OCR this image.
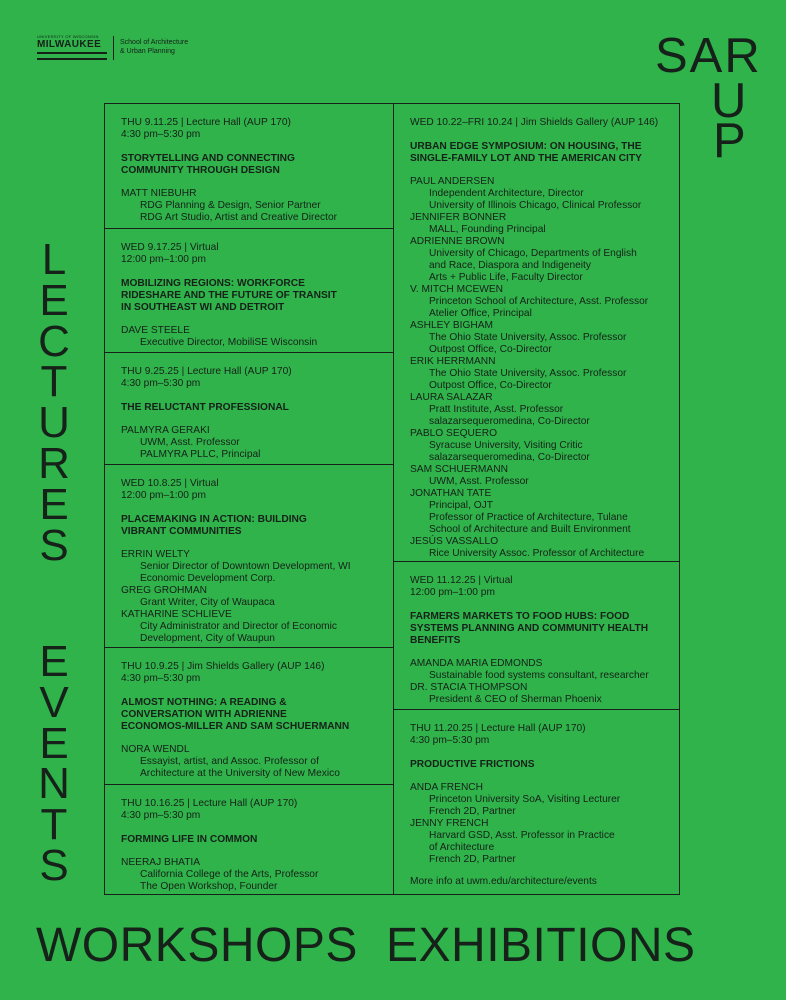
UNIVERSITY OF WISCONSIN
MILWAUKEE	School of Architecture
& Urban Planning	SAR
U
P
L
E
C
T
U
R
E
S
E
V
E
N
T
S
THU 10.16.25 | Lecture Hall (AUP 170)
4:30 pm–5:30 pm
FORMING LIFE IN COMMON
NEERAJ BHATIA
California College of the Arts, Professor
The Open Workshop, Founder
THU 10.9.25 | Jim Shields Gallery (AUP 146)
4:30 pm–5:30 pm
ALMOST NOTHING: A READING &
CONVERSATION WITH ADRIENNE
ECONOMOS-MILLER AND SAM SCHUERMANN
NORA WENDL
Essayist, artist, and Assoc. Professor of
Architecture at the University of New Mexico
WED 10.8.25 | Virtual
12:00 pm–1:00 pm
PLACEMAKING IN ACTION: BUILDING
VIBRANT COMMUNITIES
ERRIN WELTY
Senior Director of Downtown Development, WI
Economic Development Corp.
GREG GROHMAN
Grant Writer, City of Waupaca
KATHARINE SCHLIEVE
City Administrator and Director of Economic
Development, City of Waupun
THU 9.25.25 | Lecture Hall (AUP 170)
4:30 pm–5:30 pm
THE RELUCTANT PROFESSIONAL
PALMYRA GERAKI
UWM, Asst. Professor
PALMYRA PLLC, Principal
WED 9.17.25 | Virtual
12:00 pm–1:00 pm
MOBILIZING REGIONS: WORKFORCE
RIDESHARE AND THE FUTURE OF TRANSIT
IN SOUTHEAST WI AND DETROIT
DAVE STEELE
Executive Director, MobiliSE Wisconsin
THU 9.11.25 | Lecture Hall (AUP 170)
4:30 pm–5:30 pm
STORYTELLING AND CONNECTING
COMMUNITY THROUGH DESIGN
MATT NIEBUHR
RDG Planning & Design, Senior Partner
RDG Art Studio, Artist and Creative Director
THU 11.20.25 | Lecture Hall (AUP 170)
4:30 pm–5:30 pm
PRODUCTIVE FRICTIONS
ANDA FRENCH
Princeton University SoA, Visiting Lecturer
French 2D, Partner
JENNY FRENCH
Harvard GSD, Asst. Professor in Practice
of Architecture
French 2D, Partner
WED 11.12.25 | Virtual
12:00 pm–1:00 pm
FARMERS MARKETS TO FOOD HUBS: FOOD
SYSTEMS PLANNING AND COMMUNITY HEALTH
BENEFITS
AMANDA MARIA EDMONDS
Sustainable food systems consultant, researcher
DR. STACIA THOMPSON
President & CEO of Sherman Phoenix
WED 10.22–FRI 10.24 | Jim Shields Gallery (AUP 146)
URBAN EDGE SYMPOSIUM: ON HOUSING, THE
SINGLE-FAMILY LOT AND THE AMERICAN CITY
PAUL ANDERSEN
Independent Architecture, Director
University of Illinois Chicago, Clinical Professor
JENNIFER BONNER
MALL, Founding Principal
ADRIENNE BROWN
University of Chicago, Departments of English
and Race, Diaspora and Indigeneity
Arts + Public Life, Faculty Director
V. MITCH MCEWEN
Princeton School of Architecture, Asst. Professor
Atelier Office, Principal
ASHLEY BIGHAM
The Ohio State University, Assoc. Professor
Outpost Office, Co-Director
ERIK HERRMANN
The Ohio State University, Assoc. Professor
Outpost Office, Co-Director
LAURA SALAZAR
Pratt Institute, Asst. Professor
salazarsequeromedina, Co-Director
PABLO SEQUERO
Syracuse University, Visiting Critic
salazarsequeromedina, Co-Director
SAM SCHUERMANN
UWM, Asst. Professor
JONATHAN TATE
Principal, OJT
Professor of Practice of Architecture, Tulane
School of Architecture and Built Environment
JESÚS VASSALLO
Rice University Assoc. Professor of Architecture
More info at uwm.edu/architecture/events
WORKSHOPS EXHIBITIONS
